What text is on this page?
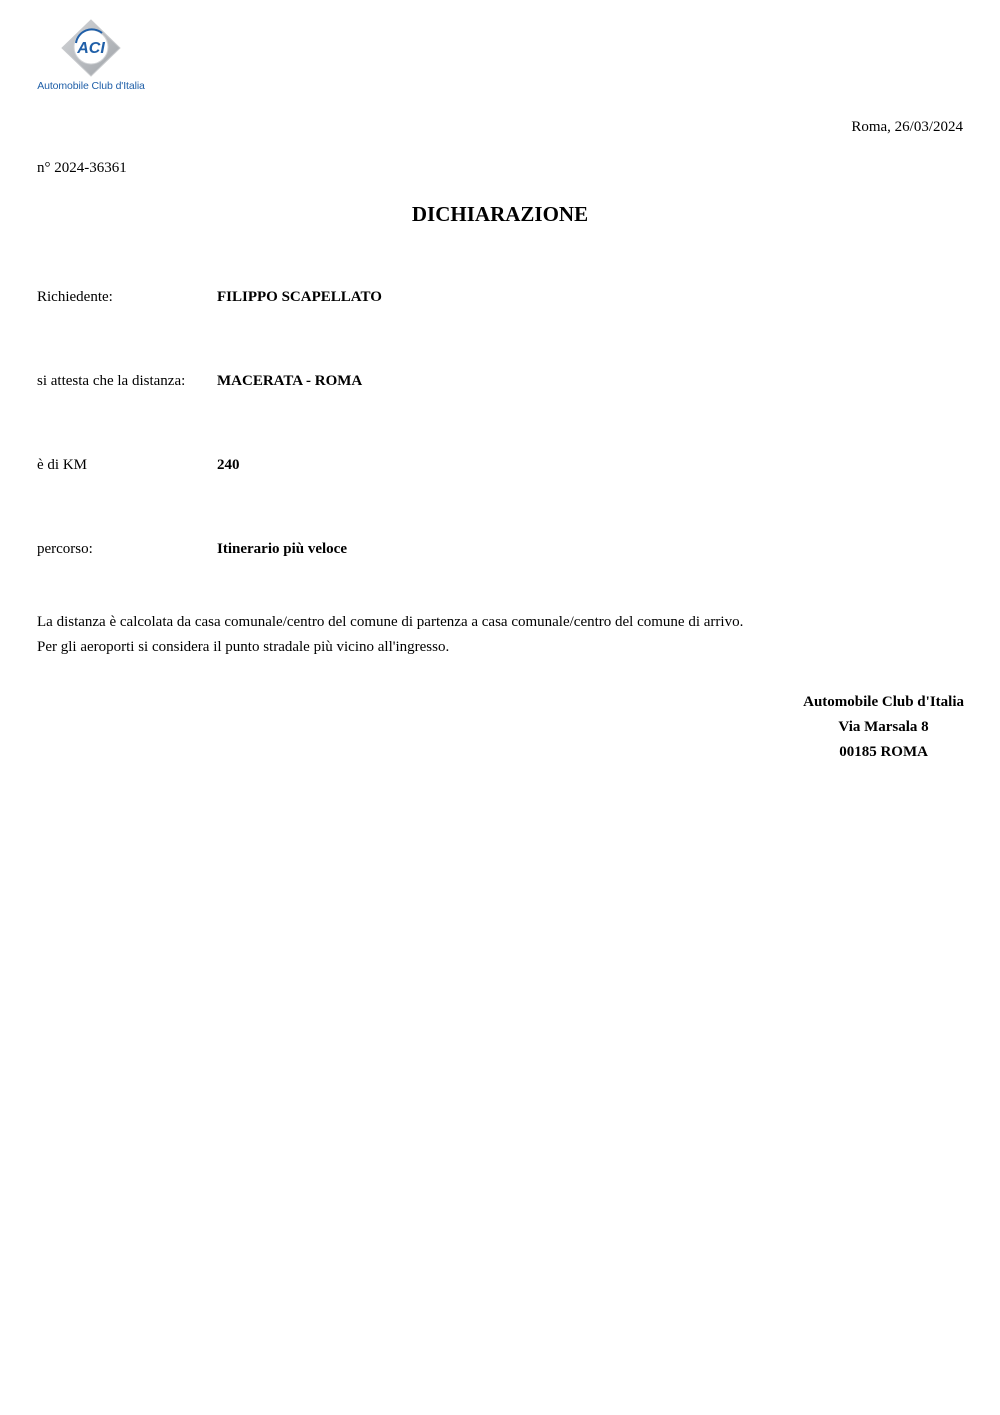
ACI
Automobile Club d'Italia
Roma, 26/03/2024
n° 2024-36361
DICHIARAZIONE
Richiedente:	FILIPPO SCAPELLATO
si attesta che la distanza: MACERATA - ROMA
è di KM	240
percorso:	Itinerario più veloce
La distanza è calcolata da casa comunale/centro del comune di partenza a casa comunale/centro del comune di arrivo.
Per gli aeroporti si considera il punto stradale più vicino all'ingresso.
Automobile Club d'Italia
Via Marsala 8
00185 ROMA
